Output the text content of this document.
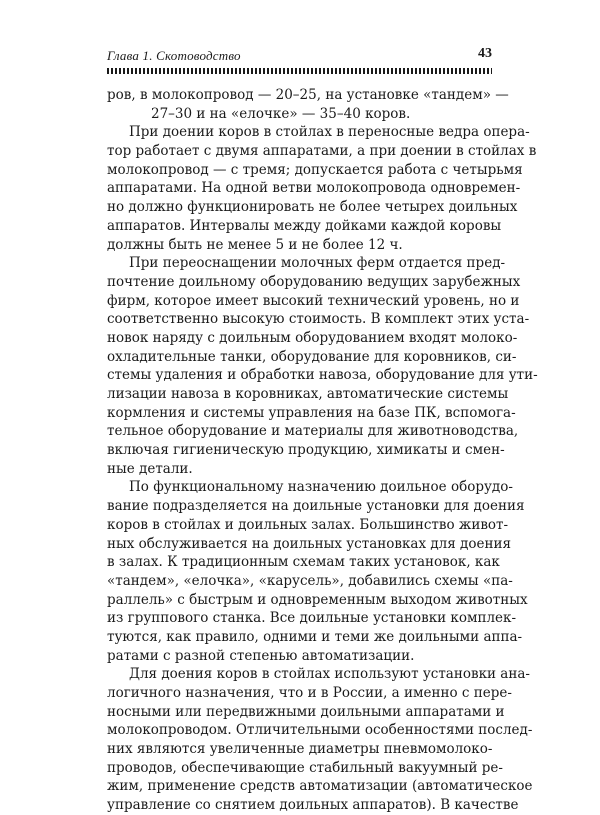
Глава 1. Скотоводство	43
ров, в молокопровод — 20–25, на установке «тандем» —
27–30 и на «елочке» — 35–40 коров.
При доении коров в стойлах в переносные ведра опера-
тор работает с двумя аппаратами, а при доении в стойлах в
молокопровод — с тремя; допускается работа с четырьмя
аппаратами. На одной ветви молокопровода одновремен-
но должно функционировать не более четырех доильных
аппаратов. Интервалы между дойками каждой коровы
должны быть не менее 5 и не более 12 ч.
При переоснащении молочных ферм отдается пред-
почтение доильному оборудованию ведущих зарубежных
фирм, которое имеет высокий технический уровень, но и
соответственно высокую стоимость. В комплект этих уста-
новок наряду с доильным оборудованием входят молоко-
охладительные танки, оборудование для коровников, си-
стемы удаления и обработки навоза, оборудование для ути-
лизации навоза в коровниках, автоматические системы
кормления и системы управления на базе ПК, вспомога-
тельное оборудование и материалы для животноводства,
включая гигиеническую продукцию, химикаты и смен-
ные детали.
По функциональному назначению доильное оборудо-
вание подразделяется на доильные установки для доения
коров в стойлах и доильных залах. Большинство живот-
ных обслуживается на доильных установках для доения
в залах. К традиционным схемам таких установок, как
«тандем», «елочка», «карусель», добавились схемы «па-
раллель» с быстрым и одновременным выходом животных
из группового станка. Все доильные установки комплек-
туются, как правило, одними и теми же доильными аппа-
ратами с разной степенью автоматизации.
Для доения коров в стойлах используют установки ана-
логичного назначения, что и в России, а именно с пере-
носными или передвижными доильными аппаратами и
молокопроводом. Отличительными особенностями послед-
них являются увеличенные диаметры пневмомолоко-
проводов, обеспечивающие стабильный вакуумный ре-
жим, применение средств автоматизации (автоматическое
управление со снятием доильных аппаратов). В качестве
